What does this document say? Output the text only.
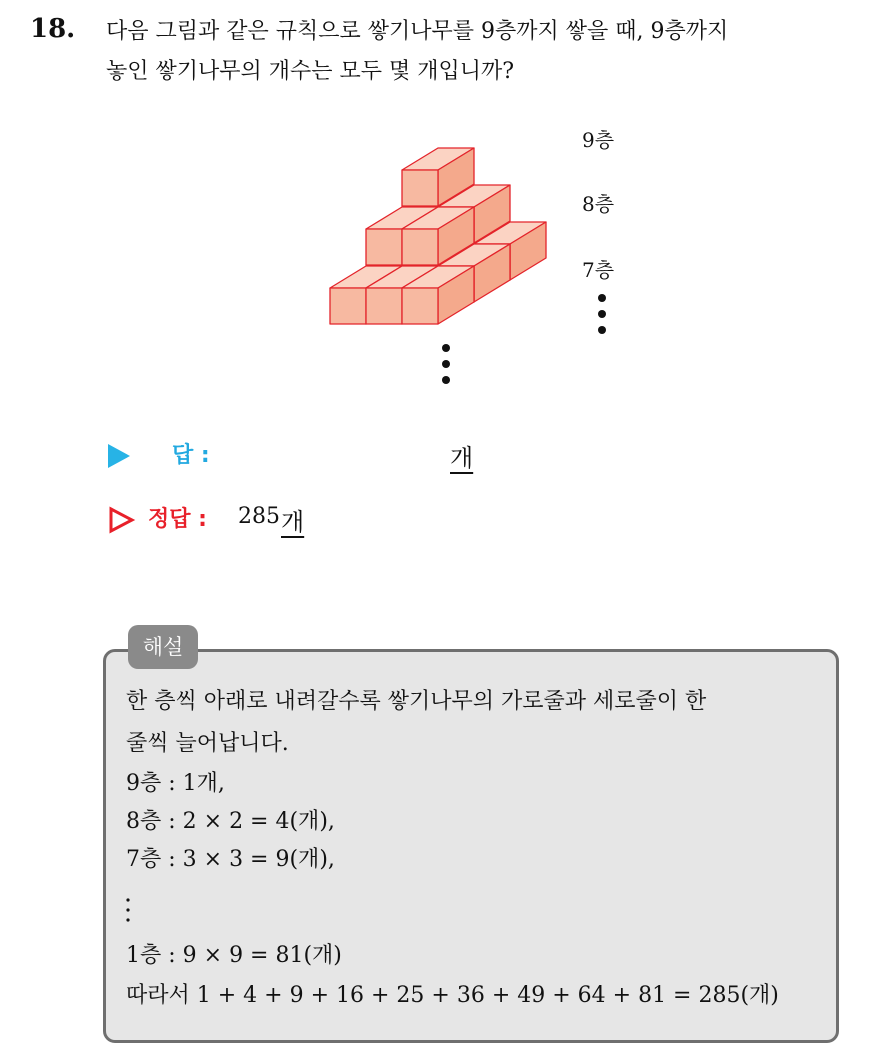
18. 다음 그림과 같은 규칙으로 쌓기나무를 9층까지 쌓을 때, 9층까지
놓인 쌓기나무의 개수는 모두 몇 개입니까?
9층
8층
7층
답 :	개
정답 : 285 개
해설
한 층씩 아래로 내려갈수록 쌓기나무의 가로줄과 세로줄이 한
줄씩 늘어납니다.
9층 : 1개,
8층 : 2 × 2 = 4(개),
7층 : 3 × 3 = 9(개),
1층 : 9 × 9 = 81(개)
따라서 1 + 4 + 9 + 16 + 25 + 36 + 49 + 64 + 81 = 285(개)
